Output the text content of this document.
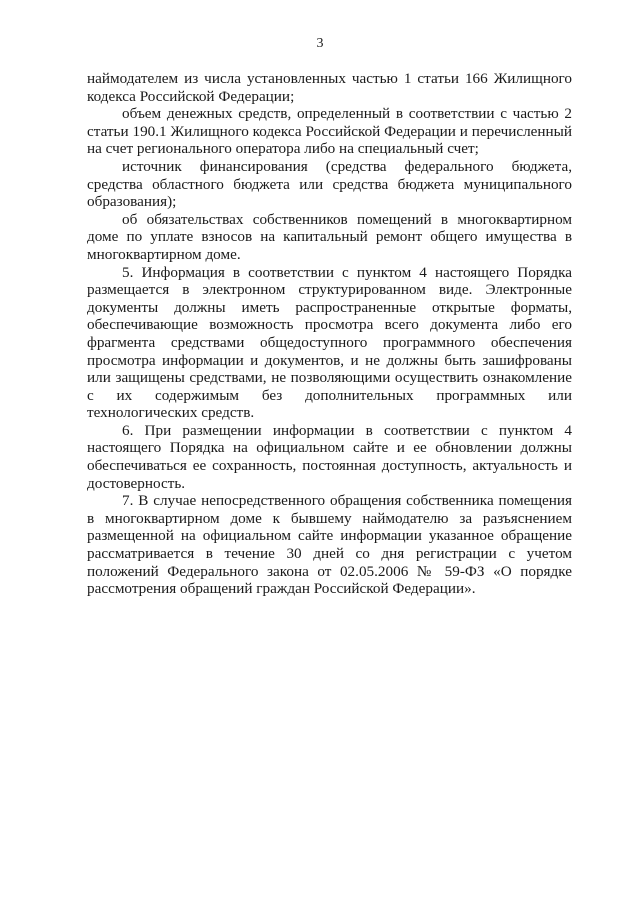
3

наймодателем из числа установленных частью 1 статьи 166 Жилищного кодекса Российской Федерации;

объем денежных средств, определенный в соответствии с частью 2 статьи 190.1 Жилищного кодекса Российской Федерации и перечисленный на счет регионального оператора либо на специальный счет;

источник финансирования (средства федерального бюджета, средства областного бюджета или средства бюджета муниципального образования);

об обязательствах собственников помещений в многоквартирном доме по уплате взносов на капитальный ремонт общего имущества в многоквартирном доме.

5. Информация в соответствии с пунктом 4 настоящего Порядка размещается в электронном структурированном виде. Электронные документы должны иметь распространенные открытые форматы, обеспечивающие возможность просмотра всего документа либо его фрагмента средствами общедоступного программного обеспечения просмотра информации и документов, и не должны быть зашифрованы или защищены средствами, не позволяющими осуществить ознакомление с их содержимым без дополнительных программных или технологических средств.

6. При размещении информации в соответствии с пунктом 4 настоящего Порядка на официальном сайте и ее обновлении должны обеспечиваться ее сохранность, постоянная доступность, актуальность и достоверность.

7. В случае непосредственного обращения собственника помещения в многоквартирном доме к бывшему наймодателю за разъяснением размещенной на официальном сайте информации указанное обращение рассматривается в течение 30 дней со дня регистрации с учетом положений Федерального закона от 02.05.2006 № 59-ФЗ «О порядке рассмотрения обращений граждан Российской Федерации».
